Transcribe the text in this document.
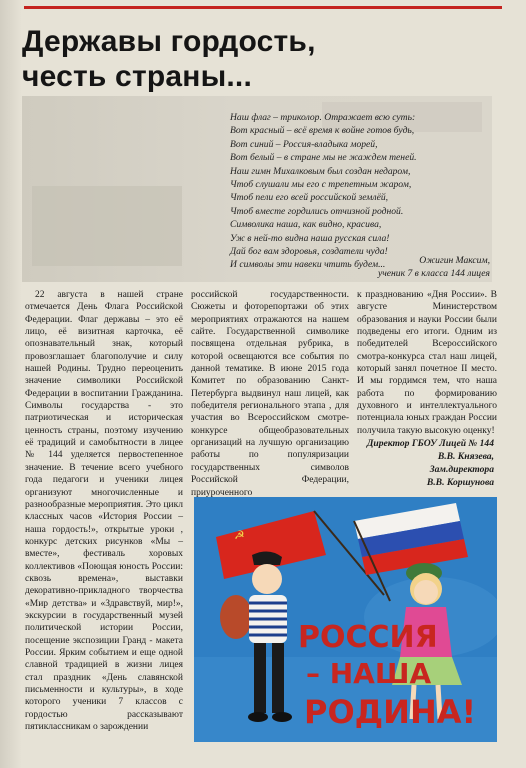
Державы гордость,
честь страны...
Наш флаг – триколор. Отражает всю суть:
Вот красный – всё время к войне готов будь,
Вот синий – Россия-владыка морей,
Вот белый – в стране мы не жаждем теней.
Наш гимн Михалковым был создан недаром,
Чтоб слушали мы его с трепетным жаром,
Чтоб пели его всей российской землёй,
Чтоб вместе гордились отчизной родной.
Символика наша, как видно, красива,
Уж в ней-то видна наша русская сила!
Дай бог вам здоровья, создатели чуда!
И символы эти навеки чтить будем...	Ожигин Максим,
ученик 7 в класса 144 лицея
22 августа в нашей стране отмечается День Флага Российской Федерации. Флаг державы – это её лицо, её визитная карточка, её опознавательный знак, который провозглашает благополучие и силу нашей Родины. Трудно переоценить значение символики Российской Федерации в воспитании Гражданина. Символы государства - это патриотическая и историческая ценность страны, поэтому изучению её традиций и самобытности в лицее № 144 уделяется первостепенное значение. В течение всего учебного года педагоги и ученики лицея организуют многочисленные и разнообразные мероприятия. Это цикл классных часов «История России – наша гордость!», открытые уроки , конкурс детских рисунков «Мы – вместе», фестиваль хоровых коллективов «Поющая юность России: сквозь времена», выставки декоративно-прикладного творчества «Мир детства» и «Здравствуй, мир!», экскурсии в государственный музей политической истории России, посещение экспозиции Гранд - макета России. Ярким событием и еще одной славной традицией в жизни лицея стал праздник «День славянской письменности и культуры», в ходе которого ученики 7 классов с гордостью рассказывают пятиклассникам о зарождении
российской государственности. Сюжеты и фоторепортажи об этих мероприятиях отражаются на нашем сайте. Государственной символике посвящена отдельная рубрика, в которой освещаются все события по данной тематике. В июне 2015 года Комитет по образованию Санкт-Петербурга выдвинул наш лицей, как победителя регионального этапа , для участия во Всероссийском смотре-конкурсе общеобразовательных организаций на лучшую организацию работы по популяризации государственных символов Российской Федерации, приуроченного
к празднованию «Дня России». В августе Министерством образования и науки России были подведены его итоги. Одним из победителей Всероссийского смотра-конкурса стал наш лицей, который занял почетное II место. И мы гордимся тем, что наша работа по формированию духовного и интеллектуального потенциала юных граждан России получила такую высокую оценку!
Директор ГБОУ Лицей № 144
В.В. Князева,
Зам.директора
В.В. Коршунова
☭
РОССИЯ
– НАША
РОДИНА!
